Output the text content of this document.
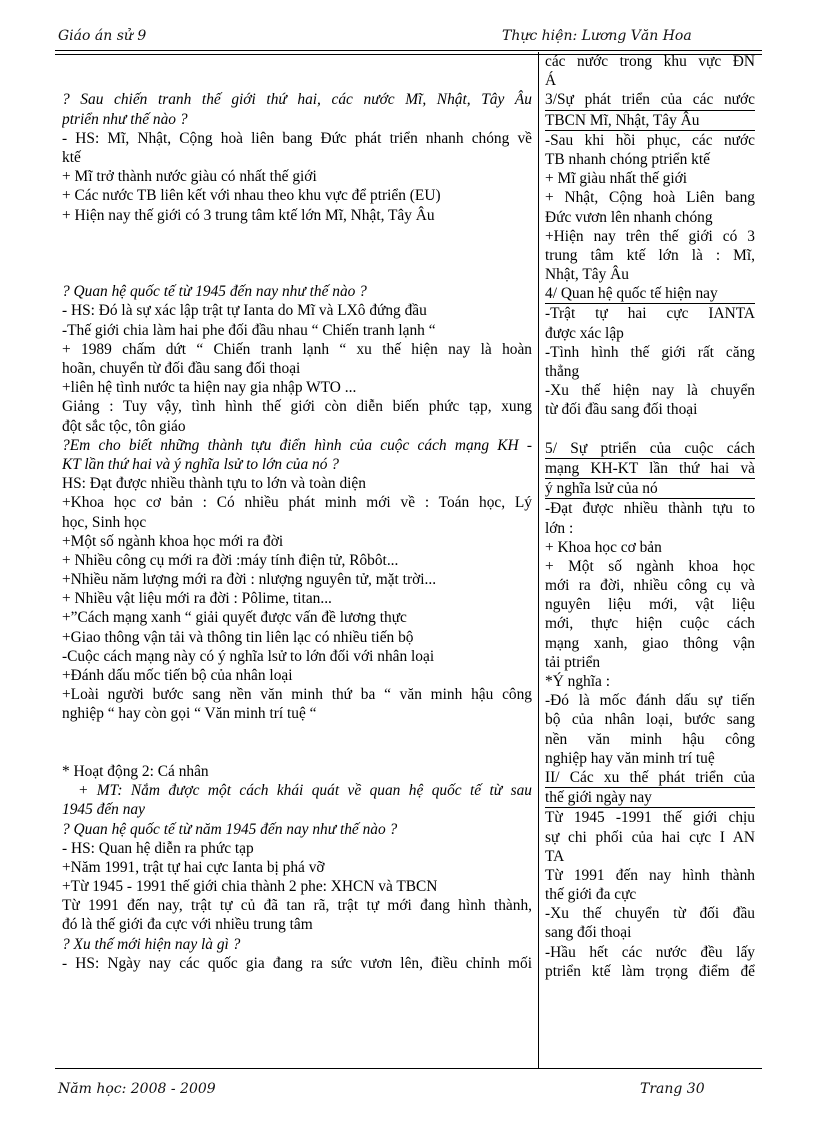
Giáo án sử 9	Thực hiện: Lương Văn Hoa
? Sau chiến tranh thế giới thứ hai, các nước Mĩ, Nhật, Tây Âu
ptriển như thế nào ?
- HS: Mĩ, Nhật, Cộng hoà liên bang Đức phát triển nhanh chóng về
ktế
+ Mĩ trở thành nước giàu có nhất thế giới
+ Các nước TB liên kết với nhau theo khu vực để ptriển (EU)
+ Hiện nay thế giới có 3 trung tâm ktế lớn Mĩ, Nhật, Tây Âu
? Quan hệ quốc tế từ 1945 đến nay như thế nào ?
- HS: Đó là sự xác lập trật tự Ianta do Mĩ và LXô đứng đầu
-Thế giới chia làm hai phe đối đầu nhau “ Chiến tranh lạnh “
+ 1989 chấm dứt “ Chiến tranh lạnh “ xu thế hiện nay là hoàn
hoãn, chuyển từ đối đầu sang đối thoại
+liên hệ tình nước ta hiện nay gia nhập WTO ...
Giảng : Tuy vậy, tình hình thế giới còn diễn biến phức tạp, xung
đột sắc tộc, tôn giáo
?Em cho biết những thành tựu điển hình của cuộc cách mạng KH -
KT lần thứ hai và ý nghĩa lsử to lớn của nó ?
HS: Đạt được nhiều thành tựu to lớn và toàn diện
+Khoa học cơ bản : Có nhiều phát minh mới về : Toán học, Lý
học, Sinh học
+Một số ngành khoa học mới ra đời
+ Nhiều công cụ mới ra đời :máy tính điện tử, Rôbôt...
+Nhiều năm lượng mới ra đời : nlượng nguyên tử, mặt trời...
+ Nhiều vật liệu mới ra đời : Pôlime, titan...
+”Cách mạng xanh “ giải quyết được vấn đề lương thực
+Giao thông vận tải và thông tin liên lạc có nhiều tiến bộ
-Cuộc cách mạng này có ý nghĩa lsử to lớn đối với nhân loại
+Đánh dấu mốc tiến bộ của nhân loại
+Loài người bước sang nền văn minh thứ ba “ văn minh hậu công
nghiệp “ hay còn gọi “ Văn minh trí tuệ “
* Hoạt động 2: Cá nhân
+ MT: Nắm được một cách khái quát về quan hệ quốc tế từ sau
1945 đến nay
? Quan hệ quốc tế từ năm 1945 đến nay như thế nào ?
- HS: Quan hệ diễn ra phức tạp
+Năm 1991, trật tự hai cực Ianta bị phá vỡ
+Từ 1945 - 1991 thế giới chia thành 2 phe: XHCN và TBCN
Từ 1991 đến nay, trật tự củ đã tan rã, trật tự mới đang hình thành,
đó là thế giới đa cực với nhiều trung tâm
? Xu thế mới hiện nay là gì ?
- HS: Ngày nay các quốc gia đang ra sức vươn lên, điều chỉnh mối
các nước trong khu vực ĐN
Á
3/Sự phát triển của các nước
TBCN Mĩ, Nhật, Tây Âu
-Sau khi hồi phục, các nước
TB nhanh chóng ptriển ktế
+ Mĩ giàu nhất thế giới
+ Nhật, Cộng hoà Liên bang
Đức vươn lên nhanh chóng
+Hiện nay trên thế giới có 3
trung tâm ktế lớn là : Mĩ,
Nhật, Tây Âu
4/ Quan hệ quốc tế hiện nay
-Trật tự hai cực IANTA
được xác lập
-Tình hình thế giới rất căng
thẳng
-Xu thế hiện nay là chuyển
từ đối đầu sang đối thoại
5/ Sự ptriển của cuộc cách
mạng KH-KT lần thứ hai và
ý nghĩa lsử của nó
-Đạt được nhiều thành tựu to
lớn :
+ Khoa học cơ bản
+ Một số ngành khoa học
mới ra đời, nhiều công cụ và
nguyên liệu mới, vật liệu
mới, thực hiện cuộc cách
mạng xanh, giao thông vận
tải ptriển
*Ý nghĩa :
-Đó là mốc đánh dấu sự tiến
bộ của nhân loại, bước sang
nền văn minh hậu công
nghiệp hay văn minh trí tuệ
II/ Các xu thế phát triển của
thế giới ngày nay
Từ 1945 -1991 thế giới chịu
sự chi phối của hai cực I AN
TA
Từ 1991 đến nay hình thành
thế giới đa cực
-Xu thế chuyển từ đối đầu
sang đối thoại
-Hầu hết các nước đều lấy
ptriển ktế làm trọng điểm để
Năm học: 2008 - 2009	Trang 30
